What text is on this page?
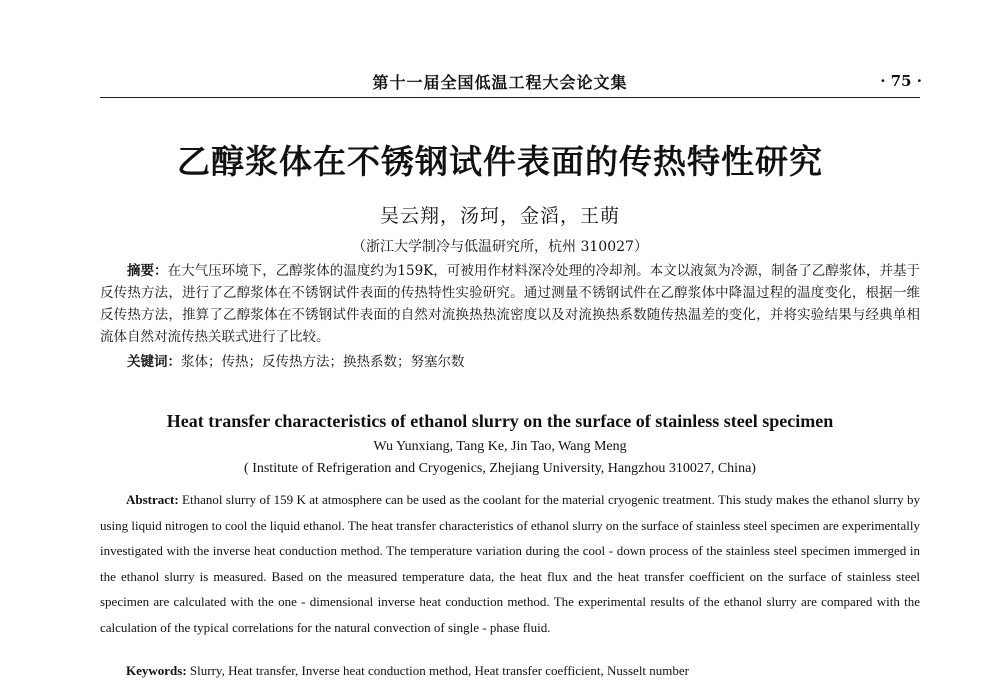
第十一届全国低温工程大会论文集	· 75 ·
乙醇浆体在不锈钢试件表面的传热特性研究
吴云翔，汤珂，金滔，王萌
（浙江大学制冷与低温研究所，杭州 310027）
摘要：在大气压环境下，乙醇浆体的温度约为159K，可被用作材料深冷处理的冷却剂。本文以液氮为冷源，制备了乙醇浆体，并基于反传热方法，进行了乙醇浆体在不锈钢试件表面的传热特性实验研究。通过测量不锈钢试件在乙醇浆体中降温过程的温度变化，根据一维反传热方法，推算了乙醇浆体在不锈钢试件表面的自然对流换热热流密度以及对流换热系数随传热温差的变化，并将实验结果与经典单相流体自然对流传热关联式进行了比较。
关键词：浆体；传热；反传热方法；换热系数；努塞尔数
Heat transfer characteristics of ethanol slurry on the surface of stainless steel specimen
Wu Yunxiang, Tang Ke, Jin Tao, Wang Meng
( Institute of Refrigeration and Cryogenics, Zhejiang University, Hangzhou 310027, China)
Abstract: Ethanol slurry of 159 K at atmosphere can be used as the coolant for the material cryogenic treatment. This study makes the ethanol slurry by using liquid nitrogen to cool the liquid ethanol. The heat transfer characteristics of ethanol slurry on the surface of stainless steel specimen are experimentally investigated with the inverse heat conduction method. The temperature variation during the cool - down process of the stainless steel specimen immerged in the ethanol slurry is measured. Based on the measured temperature data, the heat flux and the heat transfer coefficient on the surface of stainless steel specimen are calculated with the one - dimensional inverse heat conduction method. The experimental results of the ethanol slurry are compared with the calculation of the typical correlations for the natural convection of single - phase fluid.
Keywords: Slurry, Heat transfer, Inverse heat conduction method, Heat transfer coefficient, Nusselt number
